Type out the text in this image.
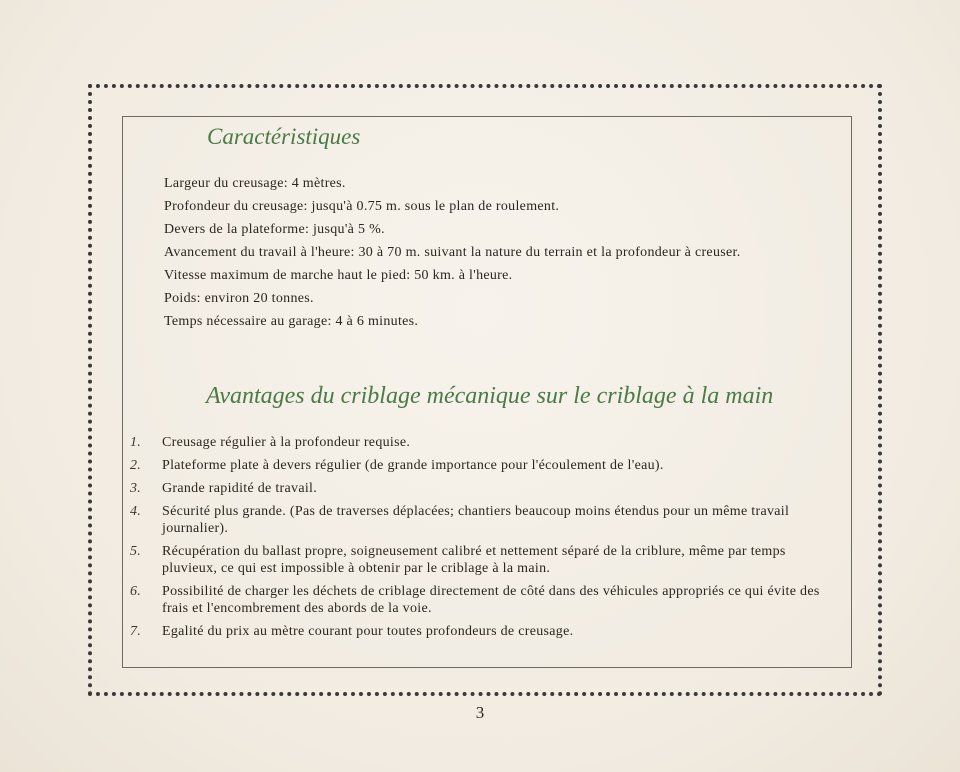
Caractéristiques
Largeur du creusage: 4 mètres.
Profondeur du creusage: jusqu'à 0.75 m. sous le plan de roulement.
Devers de la plateforme: jusqu'à 5 %.
Avancement du travail à l'heure: 30 à 70 m. suivant la nature du terrain et la profondeur à creuser.
Vitesse maximum de marche haut le pied: 50 km. à l'heure.
Poids: environ 20 tonnes.
Temps nécessaire au garage: 4 à 6 minutes.
Avantages du criblage mécanique sur le criblage à la main
1.	Creusage régulier à la profondeur requise.
2.	Plateforme plate à devers régulier (de grande importance pour l'écoulement de l'eau).
3.	Grande rapidité de travail.
4.	Sécurité plus grande. (Pas de traverses déplacées; chantiers beaucoup moins étendus pour un même travail journalier).
5.	Récupération du ballast propre, soigneusement calibré et nettement séparé de la criblure, même par temps pluvieux, ce qui est impossible à obtenir par le criblage à la main.
6.	Possibilité de charger les déchets de criblage directement de côté dans des véhicules appropriés ce qui évite des frais et l'encombrement des abords de la voie.
7.	Egalité du prix au mètre courant pour toutes profondeurs de creusage.
3
